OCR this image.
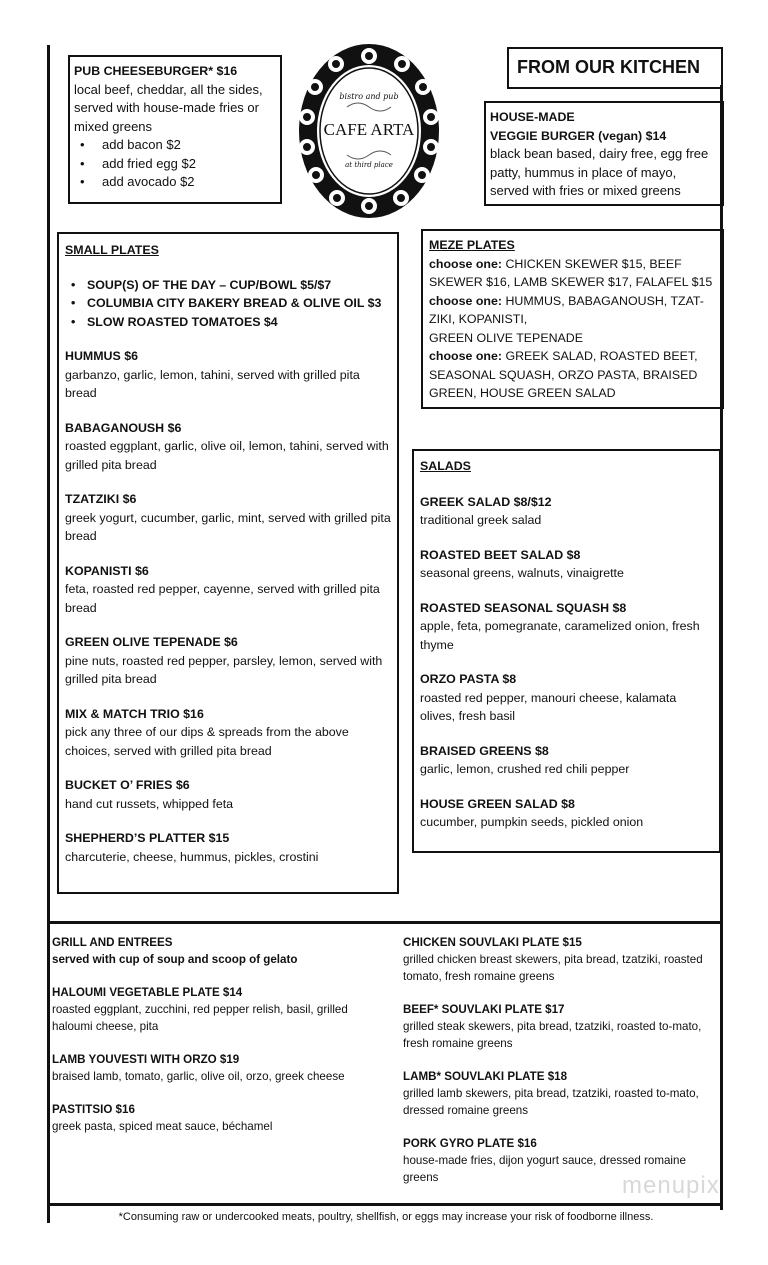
PUB CHEESEBURGER* $16
local beef, cheddar, all the sides, served with house-made fries or mixed greens
• add bacon $2
• add fried egg $2
• add avocado $2
bistro and pub
CAFE ARTA
at third place
FROM OUR KITCHEN
HOUSE-MADE
VEGGIE BURGER (vegan) $14
black bean based, dairy free, egg free patty, hummus in place of mayo, served with fries or mixed greens
SMALL PLATES
• SOUP(S) OF THE DAY – CUP/BOWL $5/$7
• COLUMBIA CITY BAKERY BREAD & OLIVE OIL $3
• SLOW ROASTED TOMATOES $4
HUMMUS $6
garbanzo, garlic, lemon, tahini, served with grilled pita bread
BABAGANOUSH $6
roasted eggplant, garlic, olive oil, lemon, tahini, served with grilled pita bread
TZATZIKI $6
greek yogurt, cucumber, garlic, mint, served with grilled pita bread
KOPANISTI $6
feta, roasted red pepper, cayenne, served with grilled pita bread
GREEN OLIVE TEPENADE $6
pine nuts, roasted red pepper, parsley, lemon, served with grilled pita bread
MIX & MATCH TRIO $16
pick any three of our dips & spreads from the above choices, served with grilled pita bread
BUCKET O’ FRIES $6
hand cut russets, whipped feta
SHEPHERD’S PLATTER $15
charcuterie, cheese, hummus, pickles, crostini
MEZE PLATES
choose one: CHICKEN SKEWER $15, BEEF SKEWER $16, LAMB SKEWER $17, FALAFEL $15
choose one: HUMMUS, BABAGANOUSH, TZAT-ZIKI, KOPANISTI,
GREEN OLIVE TEPENADE
choose one: GREEK SALAD, ROASTED BEET, SEASONAL SQUASH, ORZO PASTA, BRAISED GREEN, HOUSE GREEN SALAD
SALADS
GREEK SALAD $8/$12
traditional greek salad
ROASTED BEET SALAD $8
seasonal greens, walnuts, vinaigrette
ROASTED SEASONAL SQUASH $8
apple, feta, pomegranate, caramelized onion, fresh thyme
ORZO PASTA $8
roasted red pepper, manouri cheese, kalamata olives, fresh basil
BRAISED GREENS $8
garlic, lemon, crushed red chili pepper
HOUSE GREEN SALAD $8
cucumber, pumpkin seeds, pickled onion
GRILL AND ENTREES
served with cup of soup and scoop of gelato
HALOUMI VEGETABLE PLATE $14
roasted eggplant, zucchini, red pepper relish, basil, grilled haloumi cheese, pita
LAMB YOUVESTI WITH ORZO $19
braised lamb, tomato, garlic, olive oil, orzo, greek cheese
PASTITSIO $16
greek pasta, spiced meat sauce, béchamel
CHICKEN SOUVLAKI PLATE $15
grilled chicken breast skewers, pita bread, tzatziki, roasted tomato, fresh romaine greens
BEEF* SOUVLAKI PLATE $17
grilled steak skewers, pita bread, tzatziki, roasted to-mato, fresh romaine greens
LAMB* SOUVLAKI PLATE $18
grilled lamb skewers, pita bread, tzatziki, roasted to-mato, dressed romaine greens
PORK GYRO PLATE $16
house-made fries, dijon yogurt sauce, dressed romaine greens	menupix
*Consuming raw or undercooked meats, poultry, shellfish, or eggs may increase your risk of foodborne illness.
